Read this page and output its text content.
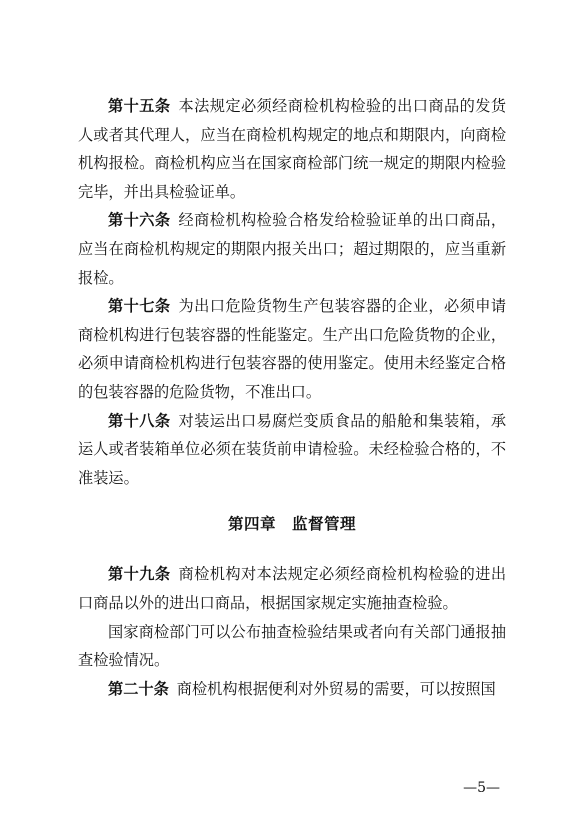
第十五条 本法规定必须经商检机构检验的出口商品的发货人或者其代理人，应当在商检机构规定的地点和期限内，向商检机构报检。商检机构应当在国家商检部门统一规定的期限内检验完毕，并出具检验证单。

第十六条 经商检机构检验合格发给检验证单的出口商品，应当在商检机构规定的期限内报关出口；超过期限的，应当重新报检。

第十七条 为出口危险货物生产包装容器的企业，必须申请商检机构进行包装容器的性能鉴定。生产出口危险货物的企业，必须申请商检机构进行包装容器的使用鉴定。使用未经鉴定合格的包装容器的危险货物，不准出口。

第十八条 对装运出口易腐烂变质食品的船舱和集装箱，承运人或者装箱单位必须在装货前申请检验。未经检验合格的，不准装运。

第四章　监督管理

第十九条 商检机构对本法规定必须经商检机构检验的进出口商品以外的进出口商品，根据国家规定实施抽查检验。

国家商检部门可以公布抽查检验结果或者向有关部门通报抽查检验情况。

第二十条 商检机构根据便利对外贸易的需要，可以按照国

—5—
